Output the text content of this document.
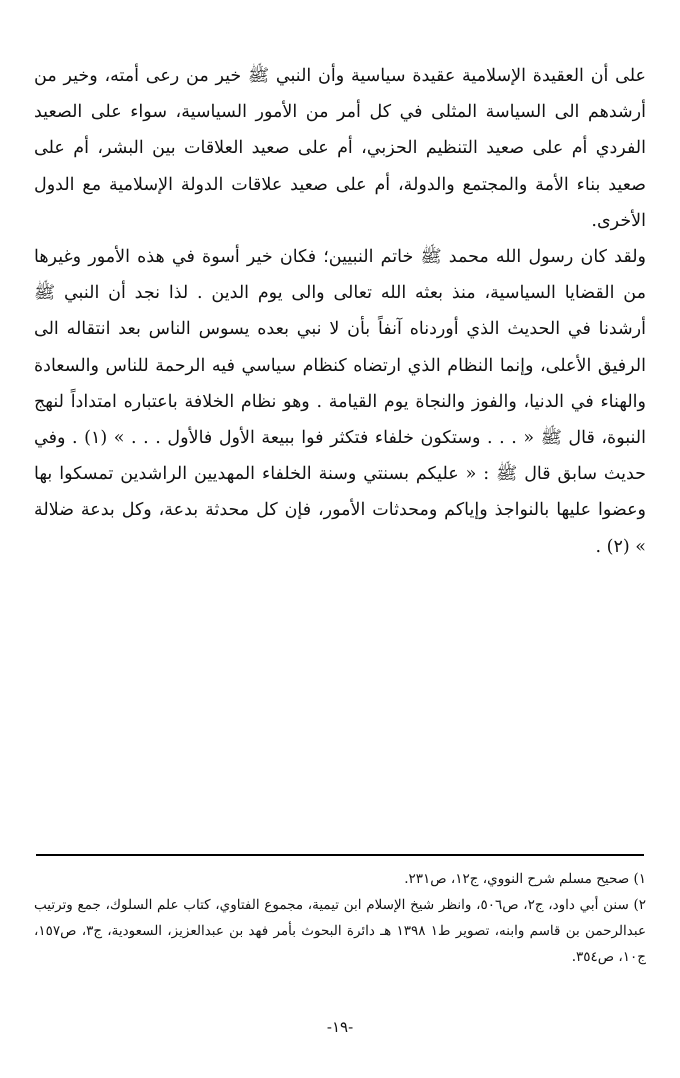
على أن العقيدة الإسلامية عقيدة سياسية وأن النبي ﷺ خير من رعى أمته، وخير من أرشدهم الى السياسة المثلى في كل أمر من الأمور السياسية، سواء على الصعيد الفردي أم على صعيد التنظيم الحزبي، أم على صعيد العلاقات بين البشر، أم على صعيد بناء الأمة والمجتمع والدولة، أم على صعيد علاقات الدولة الإسلامية مع الدول الأخرى.

ولقد كان رسول الله محمد ﷺ خاتم النبيين؛ فكان خير أسوة في هذه الأمور وغيرها من القضايا السياسية، منذ بعثه الله تعالى والى يوم الدين . لذا نجد أن النبي ﷺ أرشدنا في الحديث الذي أوردناه آنفاً بأن لا نبي بعده يسوس الناس بعد انتقاله الى الرفيق الأعلى، وإنما النظام الذي ارتضاه كنظام سياسي فيه الرحمة للناس والسعادة والهناء في الدنيا، والفوز والنجاة يوم القيامة . وهو نظام الخلافة باعتباره امتداداً لنهج النبوة، قال ﷺ « . . . وستكون خلفاء فتكثر فوا ببيعة الأول فالأول . . . » (١) . وفي حديث سابق قال ﷺ : « عليكم بسنتي وسنة الخلفاء المهديين الراشدين تمسكوا بها وعضوا عليها بالنواجذ وإياكم ومحدثات الأمور، فإن كل محدثة بدعة، وكل بدعة ضلالة » (٢) .

١) صحيح مسلم شرح النووي، ج١٢، ص٢٣١.

٢) سنن أبي داود، ج٢، ص٥٠٦، وانظر شيخ الإسلام ابن تيمية، مجموع الفتاوي، كتاب علم السلوك، جمع وترتيب عبدالرحمن بن قاسم وابنه، تصوير ط١ ١٣٩٨ هـ دائرة البحوث بأمر فهد بن عبدالعزيز، السعودية، ج٣، ص١٥٧، ج١٠، ص٣٥٤.

-١٩-
